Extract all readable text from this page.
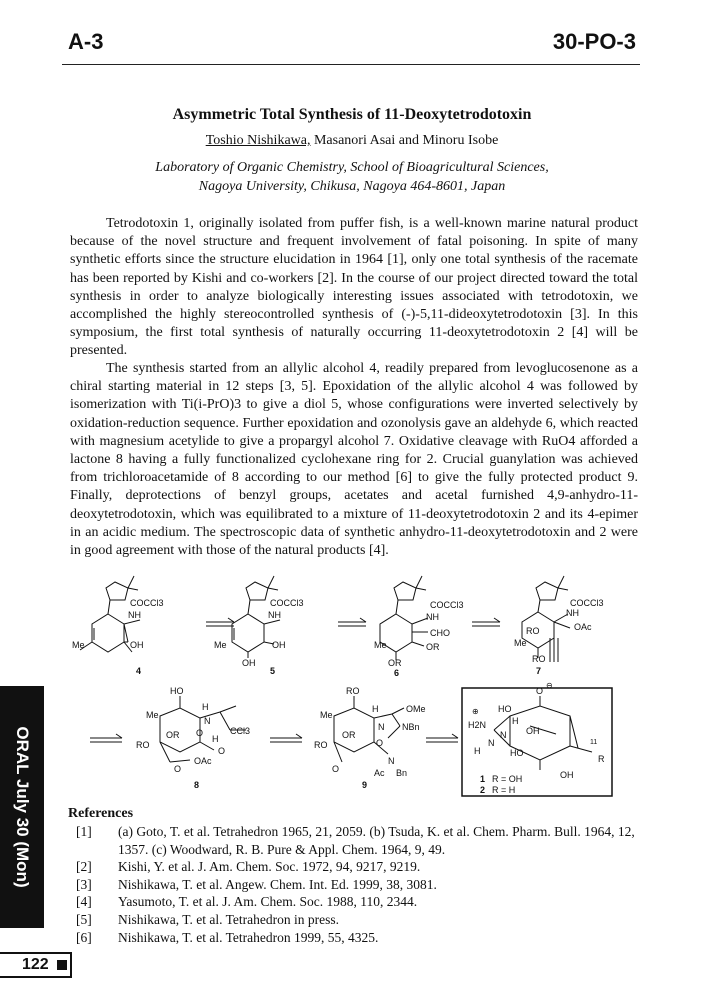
A-3	30-PO-3
Asymmetric Total Synthesis of 11-Deoxytetrodotoxin
Toshio Nishikawa, Masanori Asai and Minoru Isobe
Laboratory of Organic Chemistry, School of Bioagricultural Sciences,
Nagoya University, Chikusa, Nagoya 464-8601, Japan

Tetrodotoxin 1, originally isolated from puffer fish, is a well-known marine natural product because of the novel structure and frequent involvement of fatal poisoning. In spite of many synthetic efforts since the structure elucidation in 1964 [1], only one total synthesis of the racemate has been reported by Kishi and co-workers [2]. In the course of our project directed toward the total synthesis in order to analyze biologically interesting issues associated with tetrodotoxin, we accomplished the highly stereocontrolled synthesis of (-)-5,11-dideoxytetrodotoxin [3]. In this symposium, the first total synthesis of naturally occurring 11-deoxytetrodotoxin 2 [4] will be presented.

The synthesis started from an allylic alcohol 4, readily prepared from levoglucosenone as a chiral starting material in 12 steps [3, 5]. Epoxidation of the allylic alcohol 4 was followed by isomerization with Ti(i-PrO)3 to give a diol 5, whose configurations were inverted selectively by oxidation-reduction sequence. Further epoxidation and ozonolysis gave an aldehyde 6, which reacted with magnesium acetylide to give a propargyl alcohol 7. Oxidative cleavage with RuO4 afforded a lactone 8 having a fully functionalized cyclohexane ring for 2. Crucial guanylation was achieved from trichloroacetamide of 8 according to our method [6] to give the fully protected product 9. Finally, deprotections of benzyl groups, acetates and acetal furnished 4,9-anhydro-11-deoxytetrodotoxin, which was equilibrated to a mixture of 11-deoxytetrodotoxin 2 and its 4-epimer in an acidic medium. The spectroscopic data of synthetic anhydro-11-deoxytetrodotoxin and 2 were in good agreement with those of the natural products [4].

COCCl3
NH
Me	OH
4
COCCl3
NH
Me	OH
OH
5
COCCl3
NH
CHO
Me	OR
OR
6
COCCl3
NH
OAc
RO
Me
RO
7
HO
H
Me
N
CCl3
RO
OR O
H
O
O
OAc
8
RO
H	OMe
Me
N NBn
RO
OR
O
N
O	Ac Bn
9
O
⊖
⊕ HO
H
H2N
N OH
H
N
HO
11
R
OH
1 R = OH
2 R = H
References
[1] (a) Goto, T. et al. Tetrahedron 1965, 21, 2059. (b) Tsuda, K. et al. Chem. Pharm. Bull. 1964, 12, 1357. (c) Woodward, R. B. Pure & Appl. Chem. 1964, 9, 49.
[2] Kishi, Y. et al. J. Am. Chem. Soc. 1972, 94, 9217, 9219.
[3] Nishikawa, T. et al. Angew. Chem. Int. Ed. 1999, 38, 3081.
[4] Yasumoto, T. et al. J. Am. Chem. Soc. 1988, 110, 2344.
[5] Nishikawa, T. et al. Tetrahedron in press.
[6] Nishikawa, T. et al. Tetrahedron 1999, 55, 4325.
ORAL July 30 (Mon)
122
